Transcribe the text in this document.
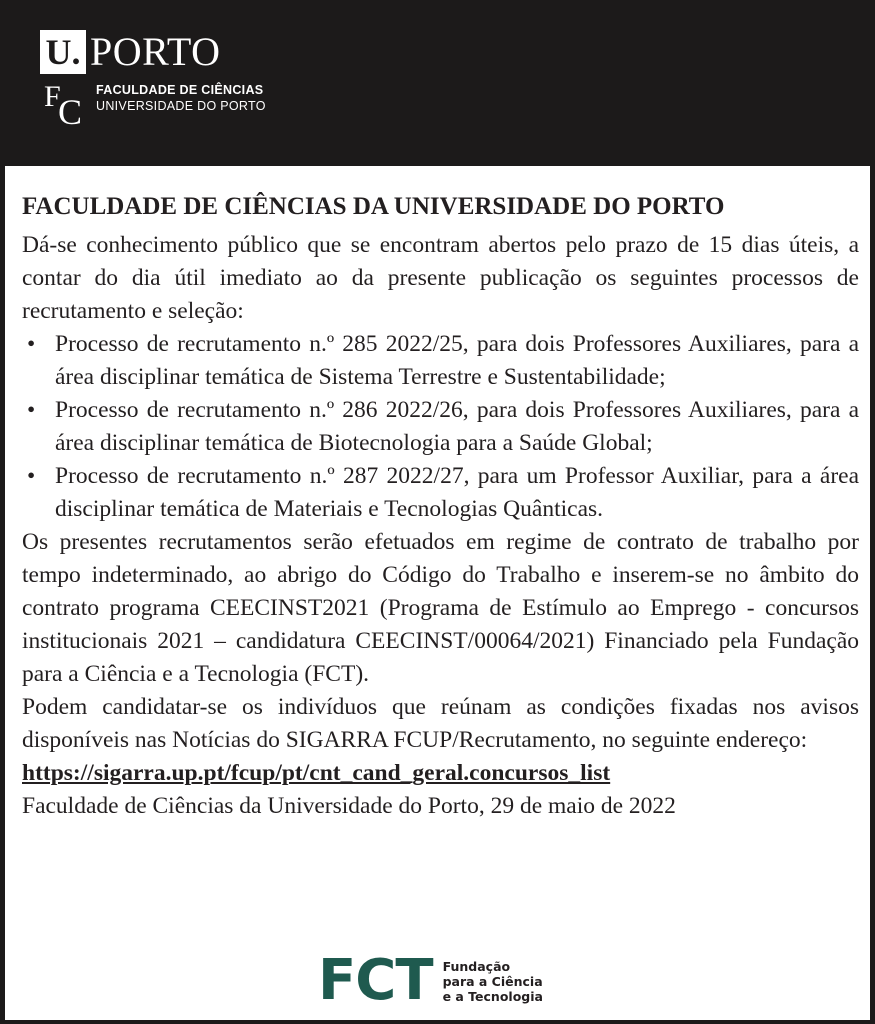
U. PORTO
F
C
FACULDADE DE CIÊNCIAS
UNIVERSIDADE DO PORTO
FACULDADE DE CIÊNCIAS DA UNIVERSIDADE DO PORTO

Dá-se conhecimento público que se encontram abertos pelo prazo de 15 dias úteis, a contar do dia útil imediato ao da presente publicação os seguintes processos de recrutamento e seleção:

• Processo de recrutamento n.º 285 2022/25, para dois Professores Auxiliares, para a área disciplinar temática de Sistema Terrestre e Sustentabilidade;
• Processo de recrutamento n.º 286 2022/26, para dois Professores Auxiliares, para a área disciplinar temática de Biotecnologia para a Saúde Global;
• Processo de recrutamento n.º 287 2022/27, para um Professor Auxiliar, para a área disciplinar temática de Materiais e Tecnologias Quânticas.

Os presentes recrutamentos serão efetuados em regime de contrato de trabalho por tempo indeterminado, ao abrigo do Código do Trabalho e inserem-se no âmbito do contrato programa CEECINST2021 (Programa de Estímulo ao Emprego - concursos institucionais 2021 – candidatura CEECINST/00064/2021) Financiado pela Fundação para a Ciência e a Tecnologia (FCT).

Podem candidatar-se os indivíduos que reúnam as condições fixadas nos avisos disponíveis nas Notícias do SIGARRA FCUP/Recrutamento, no seguinte endereço:

https://sigarra.up.pt/fcup/pt/cnt_cand_geral.concursos_list

Faculdade de Ciências da Universidade do Porto, 29 de maio de 2022

FCT Fundação
para a Ciência
e a Tecnologia
